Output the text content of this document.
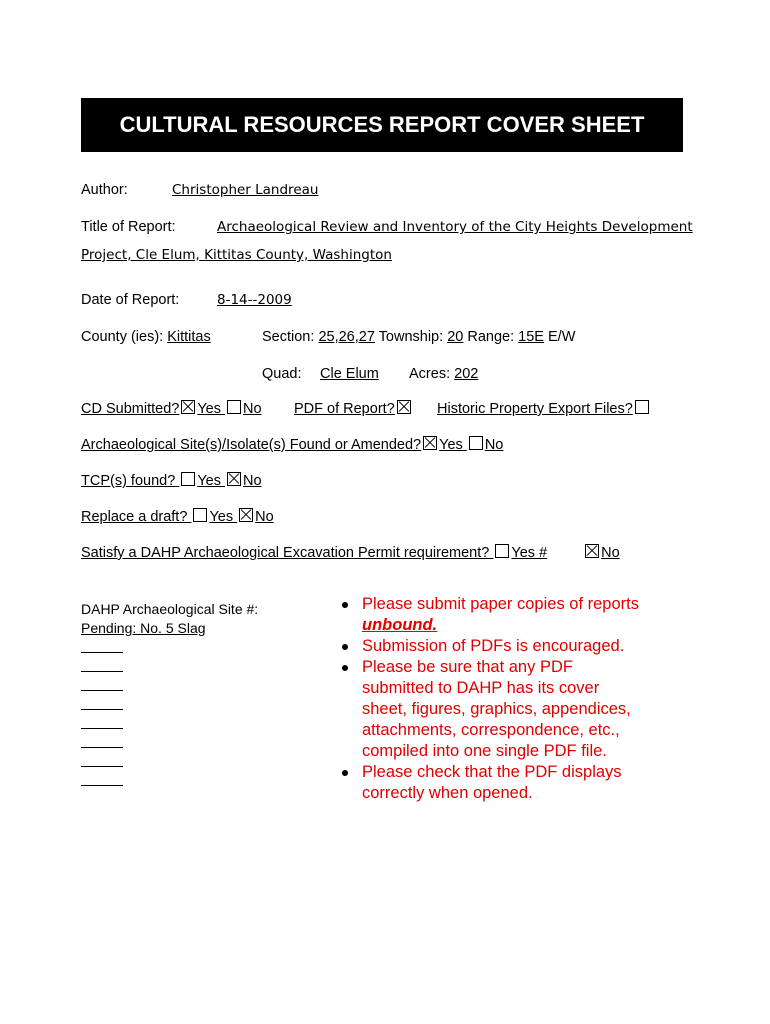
CULTURAL RESOURCES REPORT COVER SHEET
Author:	Christopher Landreau
Title of Report:	Archaeological Review and Inventory of the City Heights Development
Project, Cle Elum, Kittitas County, Washington
Date of Report:	8-14--2009
County (ies): Kittitas	Section: 25,26,27 Township: 20 Range: 15E E/W
Quad: Cle Elum Acres: 202
CD Submitted? Yes No PDF of Report?	Historic Property Export Files?
Archaeological Site(s)/Isolate(s) Found or Amended? Yes No
TCP(s) found? Yes No
Replace a draft? Yes No
Satisfy a DAHP Archaeological Excavation Permit requirement? Yes #	No
DAHP Archaeological Site #:
Pending: No. 5 Slag
Please submit paper copies of reports unbound.
Submission of PDFs is encouraged.
Please be sure that any PDF submitted to DAHP has its cover sheet, figures, graphics, appendices, attachments, correspondence, etc., compiled into one single PDF file.
Please check that the PDF displays correctly when opened.
